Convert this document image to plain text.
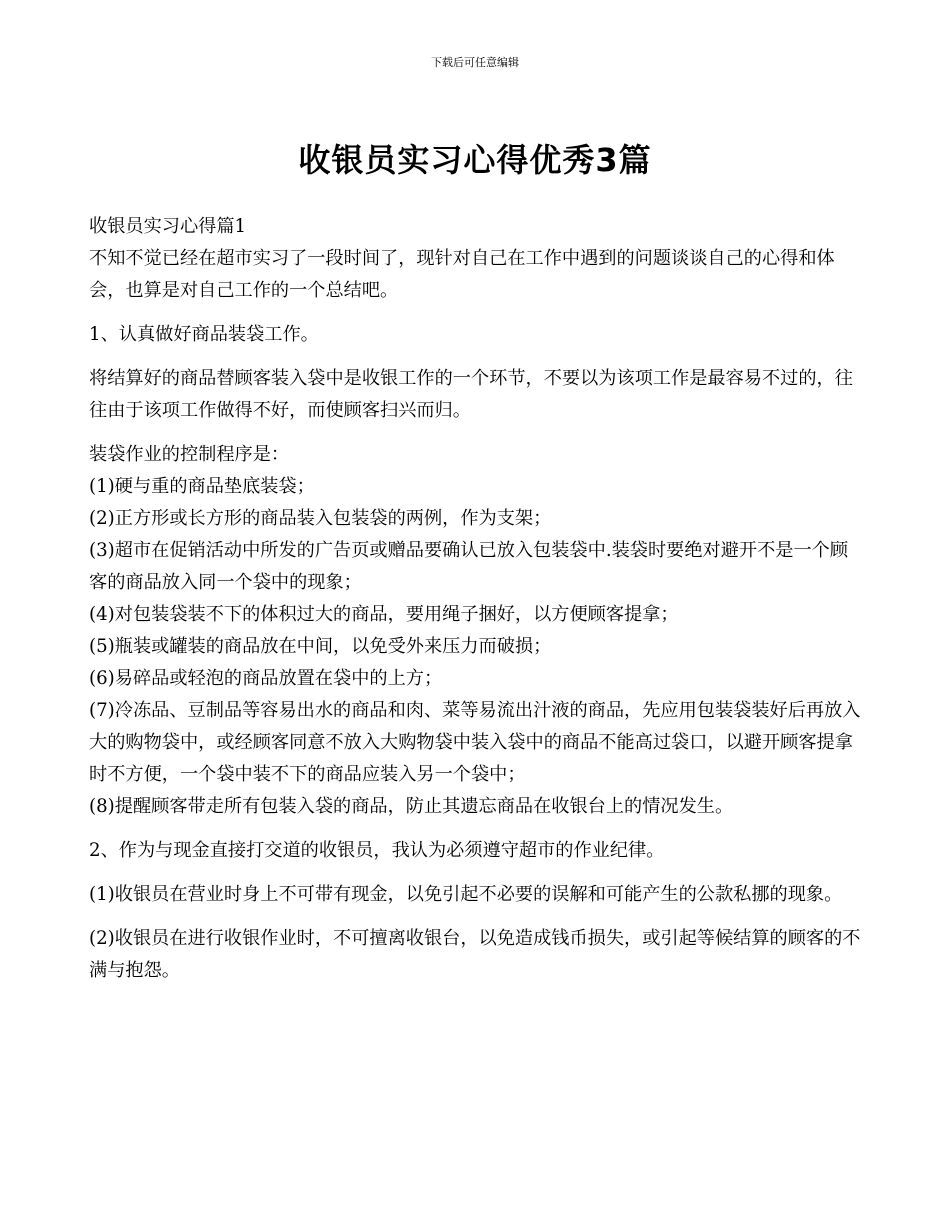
下载后可任意编辑
收银员实习心得优秀3篇

收银员实习心得篇1

不知不觉已经在超市实习了一段时间了，现针对自己在工作中遇到的问题谈谈自己的心得和体会，也算是对自己工作的一个总结吧。

1、认真做好商品装袋工作。

将结算好的商品替顾客装入袋中是收银工作的一个环节，不要以为该项工作是最容易不过的，往往由于该项工作做得不好，而使顾客扫兴而归。

装袋作业的控制程序是：

(1)硬与重的商品垫底装袋；

(2)正方形或长方形的商品装入包装袋的两例，作为支架；

(3)超市在促销活动中所发的广告页或赠品要确认已放入包装袋中.装袋时要绝对避开不是一个顾客的商品放入同一个袋中的现象；

(4)对包装袋装不下的体积过大的商品，要用绳子捆好，以方便顾客提拿；

(5)瓶装或罐装的商品放在中间，以免受外来压力而破损；

(6)易碎品或轻泡的商品放置在袋中的上方；

(7)冷冻品、豆制品等容易出水的商品和肉、菜等易流出汁液的商品，先应用包装袋装好后再放入大的购物袋中，或经顾客同意不放入大购物袋中装入袋中的商品不能高过袋口，以避开顾客提拿时不方便，一个袋中装不下的商品应装入另一个袋中；

(8)提醒顾客带走所有包装入袋的商品，防止其遗忘商品在收银台上的情况发生。

2、作为与现金直接打交道的收银员，我认为必须遵守超市的作业纪律。

(1)收银员在营业时身上不可带有现金，以免引起不必要的误解和可能产生的公款私挪的现象。

(2)收银员在进行收银作业时，不可擅离收银台，以免造成钱币损失，或引起等候结算的顾客的不满与抱怨。
